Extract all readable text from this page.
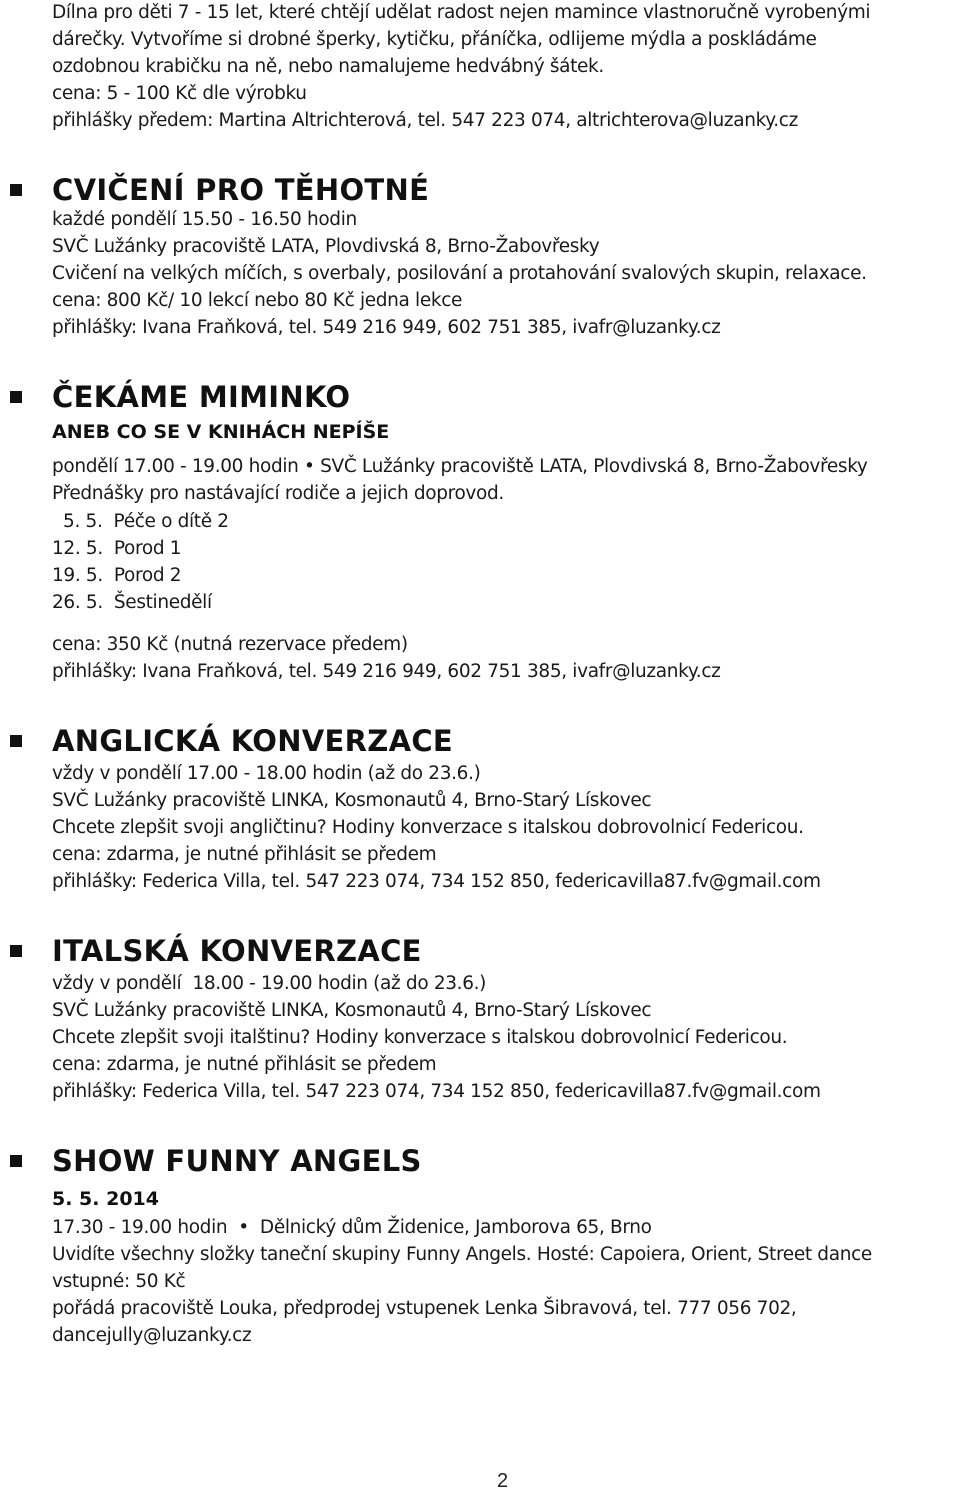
Dílna pro děti 7 - 15 let, které chtějí udělat radost nejen mamince vlastnoručně vyrobenými
dárečky. Vytvoříme si drobné šperky, kytičku, přáníčka, odlijeme mýdla a poskládáme
ozdobnou krabičku na ně, nebo namalujeme hedvábný šátek.
cena: 5 - 100 Kč dle výrobku
přihlášky předem: Martina Altrichterová, tel. 547 223 074, altrichterova@luzanky.cz
CVIČENÍ PRO TĚHOTNÉ
každé pondělí 15.50 - 16.50 hodin
SVČ Lužánky pracoviště LATA, Plovdivská 8, Brno-Žabovřesky
Cvičení na velkých míčích, s overbaly, posilování a protahování svalových skupin, relaxace.
cena: 800 Kč/ 10 lekcí nebo 80 Kč jedna lekce
přihlášky: Ivana Fraňková, tel. 549 216 949, 602 751 385, ivafr@luzanky.cz
ČEKÁME MIMINKO
ANEB CO SE V KNIHÁCH NEPÍŠE
pondělí 17.00 - 19.00 hodin • SVČ Lužánky pracoviště LATA, Plovdivská 8, Brno-Žabovřesky
Přednášky pro nastávající rodiče a jejich doprovod.
5. 5.  Péče o dítě 2
12. 5.  Porod 1
19. 5.  Porod 2
26. 5.  Šestinedělí
cena: 350 Kč (nutná rezervace předem)
přihlášky: Ivana Fraňková, tel. 549 216 949, 602 751 385, ivafr@luzanky.cz
ANGLICKÁ KONVERZACE
vždy v pondělí 17.00 - 18.00 hodin (až do 23.6.)
SVČ Lužánky pracoviště LINKA, Kosmonautů 4, Brno-Starý Lískovec
Chcete zlepšit svoji angličtinu? Hodiny konverzace s italskou dobrovolnicí Federicou.
cena: zdarma, je nutné přihlásit se předem
přihlášky: Federica Villa, tel. 547 223 074, 734 152 850, federicavilla87.fv@gmail.com
ITALSKÁ KONVERZACE
vždy v pondělí  18.00 - 19.00 hodin (až do 23.6.)
SVČ Lužánky pracoviště LINKA, Kosmonautů 4, Brno-Starý Lískovec
Chcete zlepšit svoji italštinu? Hodiny konverzace s italskou dobrovolnicí Federicou.
cena: zdarma, je nutné přihlásit se předem
přihlášky: Federica Villa, tel. 547 223 074, 734 152 850, federicavilla87.fv@gmail.com
SHOW FUNNY ANGELS
5. 5. 2014
17.30 - 19.00 hodin  •  Dělnický dům Židenice, Jamborova 65, Brno
Uvidíte všechny složky taneční skupiny Funny Angels. Hosté: Capoiera, Orient, Street dance
vstupné: 50 Kč
pořádá pracoviště Louka, předprodej vstupenek Lenka Šibravová, tel. 777 056 702,
dancejully@luzanky.cz
2
